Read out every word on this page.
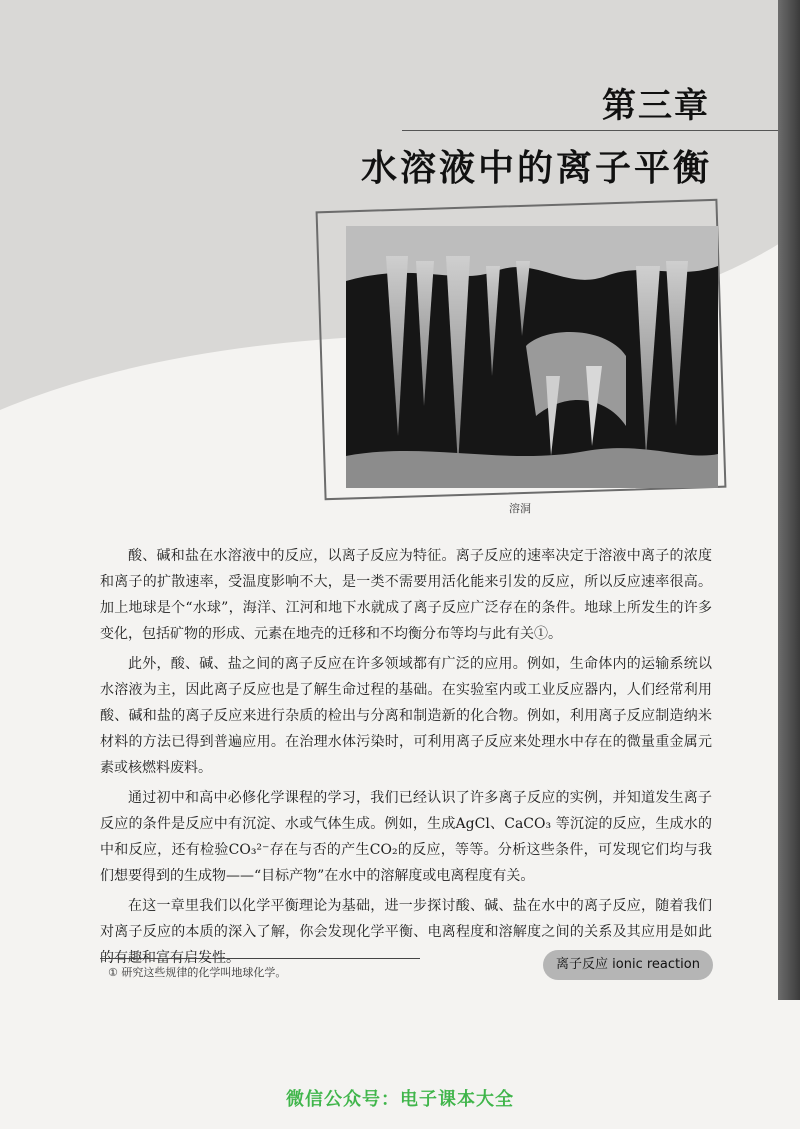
第三章
水溶液中的离子平衡
溶洞

酸、碱和盐在水溶液中的反应，以离子反应为特征。离子反应的速率决定于溶液中离子的浓度和离子的扩散速率，受温度影响不大，是一类不需要用活化能来引发的反应，所以反应速率很高。加上地球是个“水球”，海洋、江河和地下水就成了离子反应广泛存在的条件。地球上所发生的许多变化，包括矿物的形成、元素在地壳的迁移和不均衡分布等均与此有关①。

此外，酸、碱、盐之间的离子反应在许多领域都有广泛的应用。例如，生命体内的运输系统以水溶液为主，因此离子反应也是了解生命过程的基础。在实验室内或工业反应器内，人们经常利用酸、碱和盐的离子反应来进行杂质的检出与分离和制造新的化合物。例如，利用离子反应制造纳米材料的方法已得到普遍应用。在治理水体污染时，可利用离子反应来处理水中存在的微量重金属元素或核燃料废料。

通过初中和高中必修化学课程的学习，我们已经认识了许多离子反应的实例，并知道发生离子反应的条件是反应中有沉淀、水或气体生成。例如，生成AgCl、CaCO₃ 等沉淀的反应，生成水的中和反应，还有检验CO₃²⁻存在与否的产生CO₂的反应，等等。分析这些条件，可发现它们均与我们想要得到的生成物——“目标产物”在水中的溶解度或电离程度有关。

在这一章里我们以化学平衡理论为基础，进一步探讨酸、碱、盐在水中的离子反应，随着我们对离子反应的本质的深入了解，你会发现化学平衡、电离程度和溶解度之间的关系及其应用是如此的有趣和富有启发性。

① 研究这些规律的化学叫地球化学。
离子反应 ionic reaction
微信公众号：电子课本大全
